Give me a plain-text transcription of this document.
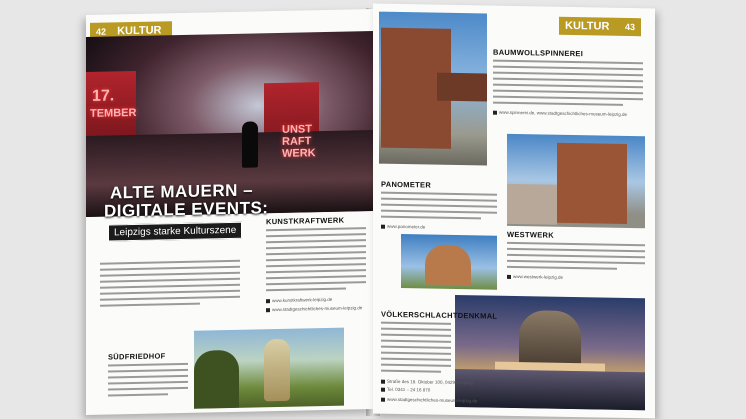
42 KULTUR
17.
TEMBER
UNST
RAFT
WERK
ALTE MAUERN –
DIGITALE EVENTS:
Leipzigs starke Kulturszene
KUNSTKRAFTWERK
www.kunstkraftwerk-leipzig.de
www.stadtgeschichtliches-museum-leipzig.de
SÜDFRIEDHOF
KULTUR 43
BAUMWOLLSPINNEREI
www.spinnerei.de, www.stadtgeschichtliches-museum-leipzig.de
PANOMETER
www.panometer.de
WESTWERK
www.westwerk-leipzig.de
VÖLKERSCHLACHTDENKMAL
Straße des 18. Oktober 100, 04299 Leipzig
Tel. 0341 – 24 16 870
www.stadtgeschichtliches-museum-leipzig.de
